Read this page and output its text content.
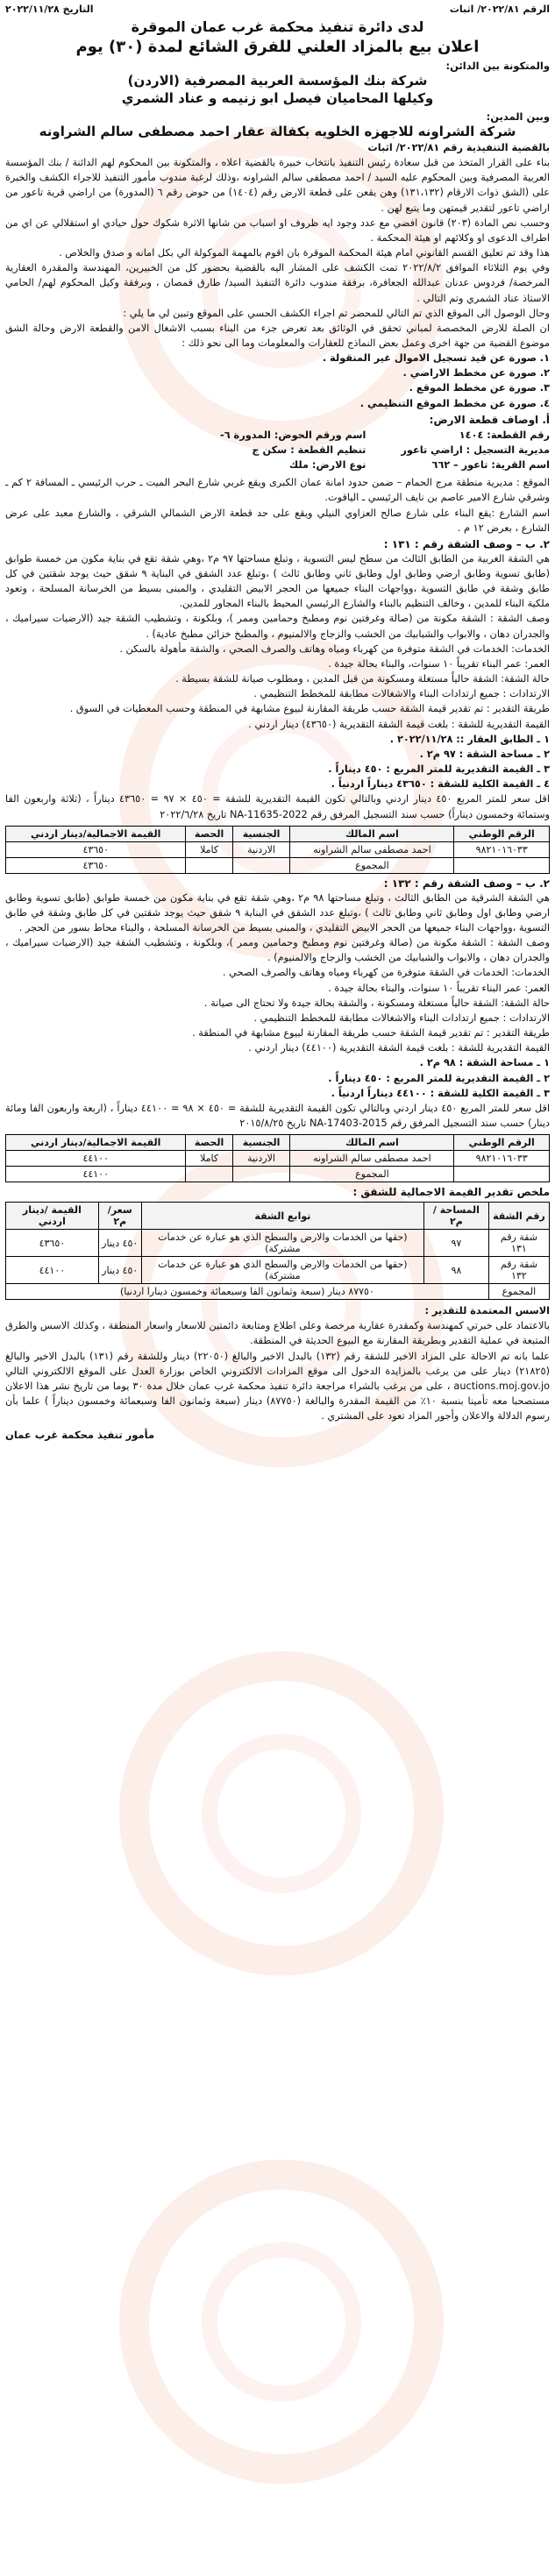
الرقم ٢٠٢٢/٨١/ اثبات
التاريخ ٢٠٢٢/١١/٢٨
لدى دائرة تنفيذ محكمة غرب عمان الموقرة
اعلان بيع بالمزاد العلني للفرق الشائع لمدة (٣٠) يوم
والمتكونة بين الدائن:
شركة بنك المؤسسة العربية المصرفية (الاردن)
وكيلها المحاميان فيصل ابو زنيمه و عناد الشمري
وبين المدين:
شركة الشراونه للاجهزه الخلويه بكفالة عقار احمد مصطفى سالم الشراونه

بالقضية التنفيذية رقم ٢٠٢٢/٨١/ اثبات

بناء على القرار المتخذ من قبل سعادة رئيس التنفيذ بانتخاب خبيرة بالقضية اعلاه ، والمتكونة بين المحكوم لهم الدائنة / بنك المؤسسة العربية المصرفية وبين المحكوم عليه السيد / احمد مصطفى سالم الشراونه ،وذلك لرغبة مندوب مأمور التنفيذ للاجراء الكشف والخبرة على (الشق ذوات الارقام (١٣١،١٣٢) وهن يقعن على قطعة الارض رقم (١٤٠٤) من حوض رقم ٦ (المدورة) من اراضي قرية تاعور من اراضي تاعور لتقدير قيمتهن وما يتبع لهن .

وحسب نص المادة (٢٠٣) قانون افضي مع عدد وجود ايه ظروف او اسباب من شانها الاثرة شكوك حول حيادي او استقلالي عن اي من اطراف الدعوى او وكلائهم او هيئة المحكمة .

هذا وقد تم تعليق القسم القانوني امام هيئة المحكمة الموقرة بان اقوم بالمهمة الموكولة الي بكل امانه و صدق والخلاص .

وفي يوم الثلاثاء الموافق ٢٠٢٢/٨/٢ تمت الكشف على المشار اليه بالقضية بحضور كل من الخبيرين، المهندسة والمقدرة العقارية المرخصة/ فردوس عدنان عبدالله الجعافرة، برفقة مندوب دائرة التنفيذ السيد/ طارق قمصان ، وبرفقة وكيل المحكوم لهم/ الحامي الاستاذ عناد الشمري وتم التالي .

وحال الوصول الى الموقع الذي تم التالي للمحضر تم اجراء الكشف الحسي على الموقع وتبين لي ما يلي :

ان الصلة للارض المخصصة لمباني تحقق في الوثائق بعد تعرض جزء من البناء بسبب الاشغال الامن والقطعة الارض وحالة الشق موضوع القضية من جهة اخرى وعمل بعض النماذج للعقارات والمعلومات وما الى نحو ذلك :

١. صورة عن قيد تسجيل الاموال غير المنقولة .

٢. صورة عن مخطط الاراضي .

٣. صورة عن مخطط الموقع .

٤. صورة عن مخطط الموقع التنظيمي .

أ. اوصاف قطعة الارض:
رقم القطعة: ١٤٠٤
مديرية التسجيل : اراضي تاعور
اسم القرية: تاعور – ٦٦٢
اسم ورقم الحوض: المدورة ٦-
تنظيم القطعة : سكن ج
نوع الارض: ملك

الموقع : مديرية منطقة مرج الحمام – ضمن حدود امانة عمان الكبرى ويقع غربي شارع البحر الميت ـ حرب الرئيسي ـ المسافة ٢ كم ـ وشرقي شارع الامير عاصم بن نايف الرئيسي ـ الياقوت.

اسم الشارع :يقع البناء على شارع صالح العزاوي النيلي ويقع على حد قطعة الارض الشمالي الشرقي ، والشارع معبد على عرض الشارع ، بعرض ١٢ م .

٢. ب – وصف الشقة رقم : ١٣١ :

هي الشقة الغربية من الطابق الثالث من سطح ليس التسوية ، وتبلغ مساحتها ٩٧ م٢ ،وهي شقة تقع في بناية مكون من خمسة طوابق (طابق تسوية وطابق ارضي وطابق اول وطابق ثاني وطابق ثالث ) ،وتبلغ عدد الشقق في البناية ٩ شقق حيث يوجد شقتين في كل طابق وشقة في طابق التسوية ،وواجهات البناء جميعها من الحجر الابيض التقليدي ، والمبنى بسيط من الخرسانة المسلحة ، وتعود ملكية البناء للمدين ، وخالف التنظيم بالبناء والشارع الرئيسي المحيط بالبناء المجاور للمدين.

وصف الشقة : الشقة مكونة من (صالة وغرفتين نوم ومطبخ وحمامين وممر )، وبلكونة ، وتشطيب الشقة جيد (الارضيات سيراميك ، والجدران دهان ، والابواب والشبابيك من الخشب والزجاج والالمنيوم ، والمطبخ خزائن مطبخ عادية) .

الخدمات: الخدمات في الشقة متوفرة من كهرباء ومياه وهاتف والصرف الصحي ، والشقة مأهولة بالسكن .

العمر: عمر البناء تقريباً ١٠ سنوات، والبناء بحالة جيدة .

حالة الشقة: الشقة حالياً مستغلة ومسكونة من قبل المدين ، ومطلوب صيانة للشقة بسيطة .

الارتدادات : جميع ارتدادات البناء والاشغالات مطابقة للمخطط التنظيمي .

طريقة التقدير : تم تقدير قيمة الشقة حسب طريقة المقارنة لبيوع مشابهة في المنطقة وحسب المعطيات في السوق .

القيمة التقديرية للشقة : بلغت قيمة الشقة التقديرية (٤٣٦٥٠) دينار اردني .

١ ـ الطابق العقار :: ٢٠٢٢/١١/٢٨ .

٢ ـ مساحة الشقة : ٩٧ م٢ .

٣ ـ القيمة التقديرية للمتر المربع : ٤٥٠ ديناراً .

٤ ـ القيمة الكلية للشقة : ٤٣٦٥٠ ديناراً اردنياً .

اقل سعر للمتر المربع ٤٥٠ دينار اردني وبالتالي تكون القيمة التقديرية للشقة = ٤٥٠ × ٩٧ = ٤٣٦٥٠ ديناراً ، (ثلاثة واربعون الفا وستمائة وخمسون ديناراً) حسب سند التسجيل المرفق رقم 2022-NA-11635 تاريخ ٢٠٢٢/٦/٢٨

الرقم الوطني	اسم المالك	الجنسية	الحصة	القيمة الاجمالية/دينار اردني
٩٨٢١٠١٦٠٣٣	احمد مصطفى سالم الشراونه	الاردنية	كاملا	٤٣٦٥٠
	المجموع			٤٣٦٥٠
٢. ب – وصف الشقة رقم : ١٣٢ :

هي الشقة الشرقية من الطابق الثالث ، وتبلغ مساحتها ٩٨ م٢ ،وهي شقة تقع في بناية مكون من خمسة طوابق (طابق تسوية وطابق ارضي وطابق اول وطابق ثاني وطابق ثالث ) ،وتبلغ عدد الشقق في البناية ٩ شقق حيث يوجد شقتين في كل طابق وشقة في طابق التسوية ،وواجهات البناء جميعها من الحجر الابيض التقليدي ، والمبنى بسيط من الخرسانة المسلحة ، والبناء محاط بسور من الحجر .

وصف الشقة : الشقة مكونة من (صالة وغرفتين نوم ومطبخ وحمامين وممر )، وبلكونة ، وتشطيب الشقة جيد (الارضيات سيراميك ، والجدران دهان ، والابواب والشبابيك من الخشب والزجاج والالمنيوم) .

الخدمات: الخدمات في الشقة متوفرة من كهرباء ومياه وهاتف والصرف الصحي .

العمر: عمر البناء تقريباً ١٠ سنوات، والبناء بحالة جيدة .

حالة الشقة: الشقة حالياً مستغلة ومسكونة ، والشقة بحالة جيدة ولا تحتاج الى صيانة .

الارتدادات : جميع ارتدادات البناء والاشغالات مطابقة للمخطط التنظيمي .

طريقة التقدير : تم تقدير قيمة الشقة حسب طريقة المقارنة لبيوع مشابهة في المنطقة .

القيمة التقديرية للشقة : بلغت قيمة الشقة التقديرية (٤٤١٠٠) دينار اردني .

١ ـ مساحة الشقة : ٩٨ م٢ .

٢ ـ القيمة التقديرية للمتر المربع : ٤٥٠ ديناراً .

٣ ـ القيمة الكلية للشقة : ٤٤١٠٠ ديناراً اردنياً .

اقل سعر للمتر المربع ٤٥٠ دينار اردني وبالتالي تكون القيمة التقديرية للشقة = ٤٥٠ × ٩٨ = ٤٤١٠٠ ديناراً ، (اربعة واربعون الفا ومائة دينار) حسب سند التسجيل المرفق رقم 2015-NA-17403 تاريخ ٢٠١٥/٨/٢٥

الرقم الوطني	اسم المالك	الجنسية	الحصة	القيمة الاجمالية/دينار اردني
٩٨٢١٠١٦٠٣٣	احمد مصطفى سالم الشراونه	الاردنية	كاملا	٤٤١٠٠
	المجموع			٤٤١٠٠
ملخص تقدير القيمة الاجمالية للشقق :
رقم الشقة	المساحة /م٢	توابع الشقة	سعر/م٢	القيمة /دينار اردني
شقة رقم ١٣١	٩٧	(حقها من الخدمات والارض والسطح الذي هو عبارة عن خدمات مشتركة)	٤٥٠ دينار	٤٣٦٥٠
شقة رقم ١٣٢	٩٨	(حقها من الخدمات والارض والسطح الذي هو عبارة عن خدمات مشتركة)	٤٥٠ دينار	٤٤١٠٠
المجموع	٨٧٧٥٠ دينار (سبعة وثمانون الفا وسبعمائة وخمسون دينارا اردنيا)			

الاسس المعتمدة للتقدير :

بالاعتماد على خبرتي كمهندسة وكمقدرة عقارية مرخصة وعلى اطلاع ومتابعة دائمتين للاسعار واسعار المنطقة ، وكذلك الاسس والطرق المتبعة في عملية التقدير وبطريقة المقارنة مع البيوع الحديثة في المنطقة.

علما بانه تم الاحالة على المزاد الاخير للشقة رقم (١٣٢) بالبدل الاخير والبالغ (٢٢٠٥٠) دينار وللشقة رقم (١٣١) بالبدل الاخير والبالغ (٢١٨٢٥) دينار على من يرغب بالمزايدة الدخول الى موقع المزادات الالكتروني الخاص بوزارة العدل على الموقع الالكتروني التالي auctions.moj.gov.jo ، على من يرغب بالشراء مراجعة دائرة تنفيذ محكمة غرب عمان خلال مدة ٣٠ يوما من تاريخ نشر هذا الاعلان مستصحبا معه تأمينا بنسبة ١٠٪ من القيمة المقدرة والبالغة (٨٧٧٥٠) دينار (سبعة وثمانون الفا وسبعمائة وخمسون ديناراً ) علما بأن رسوم الدلالة والاعلان وأجور المزاد تعود على المشتري .

مأمور تنفيذ محكمة غرب عمان
